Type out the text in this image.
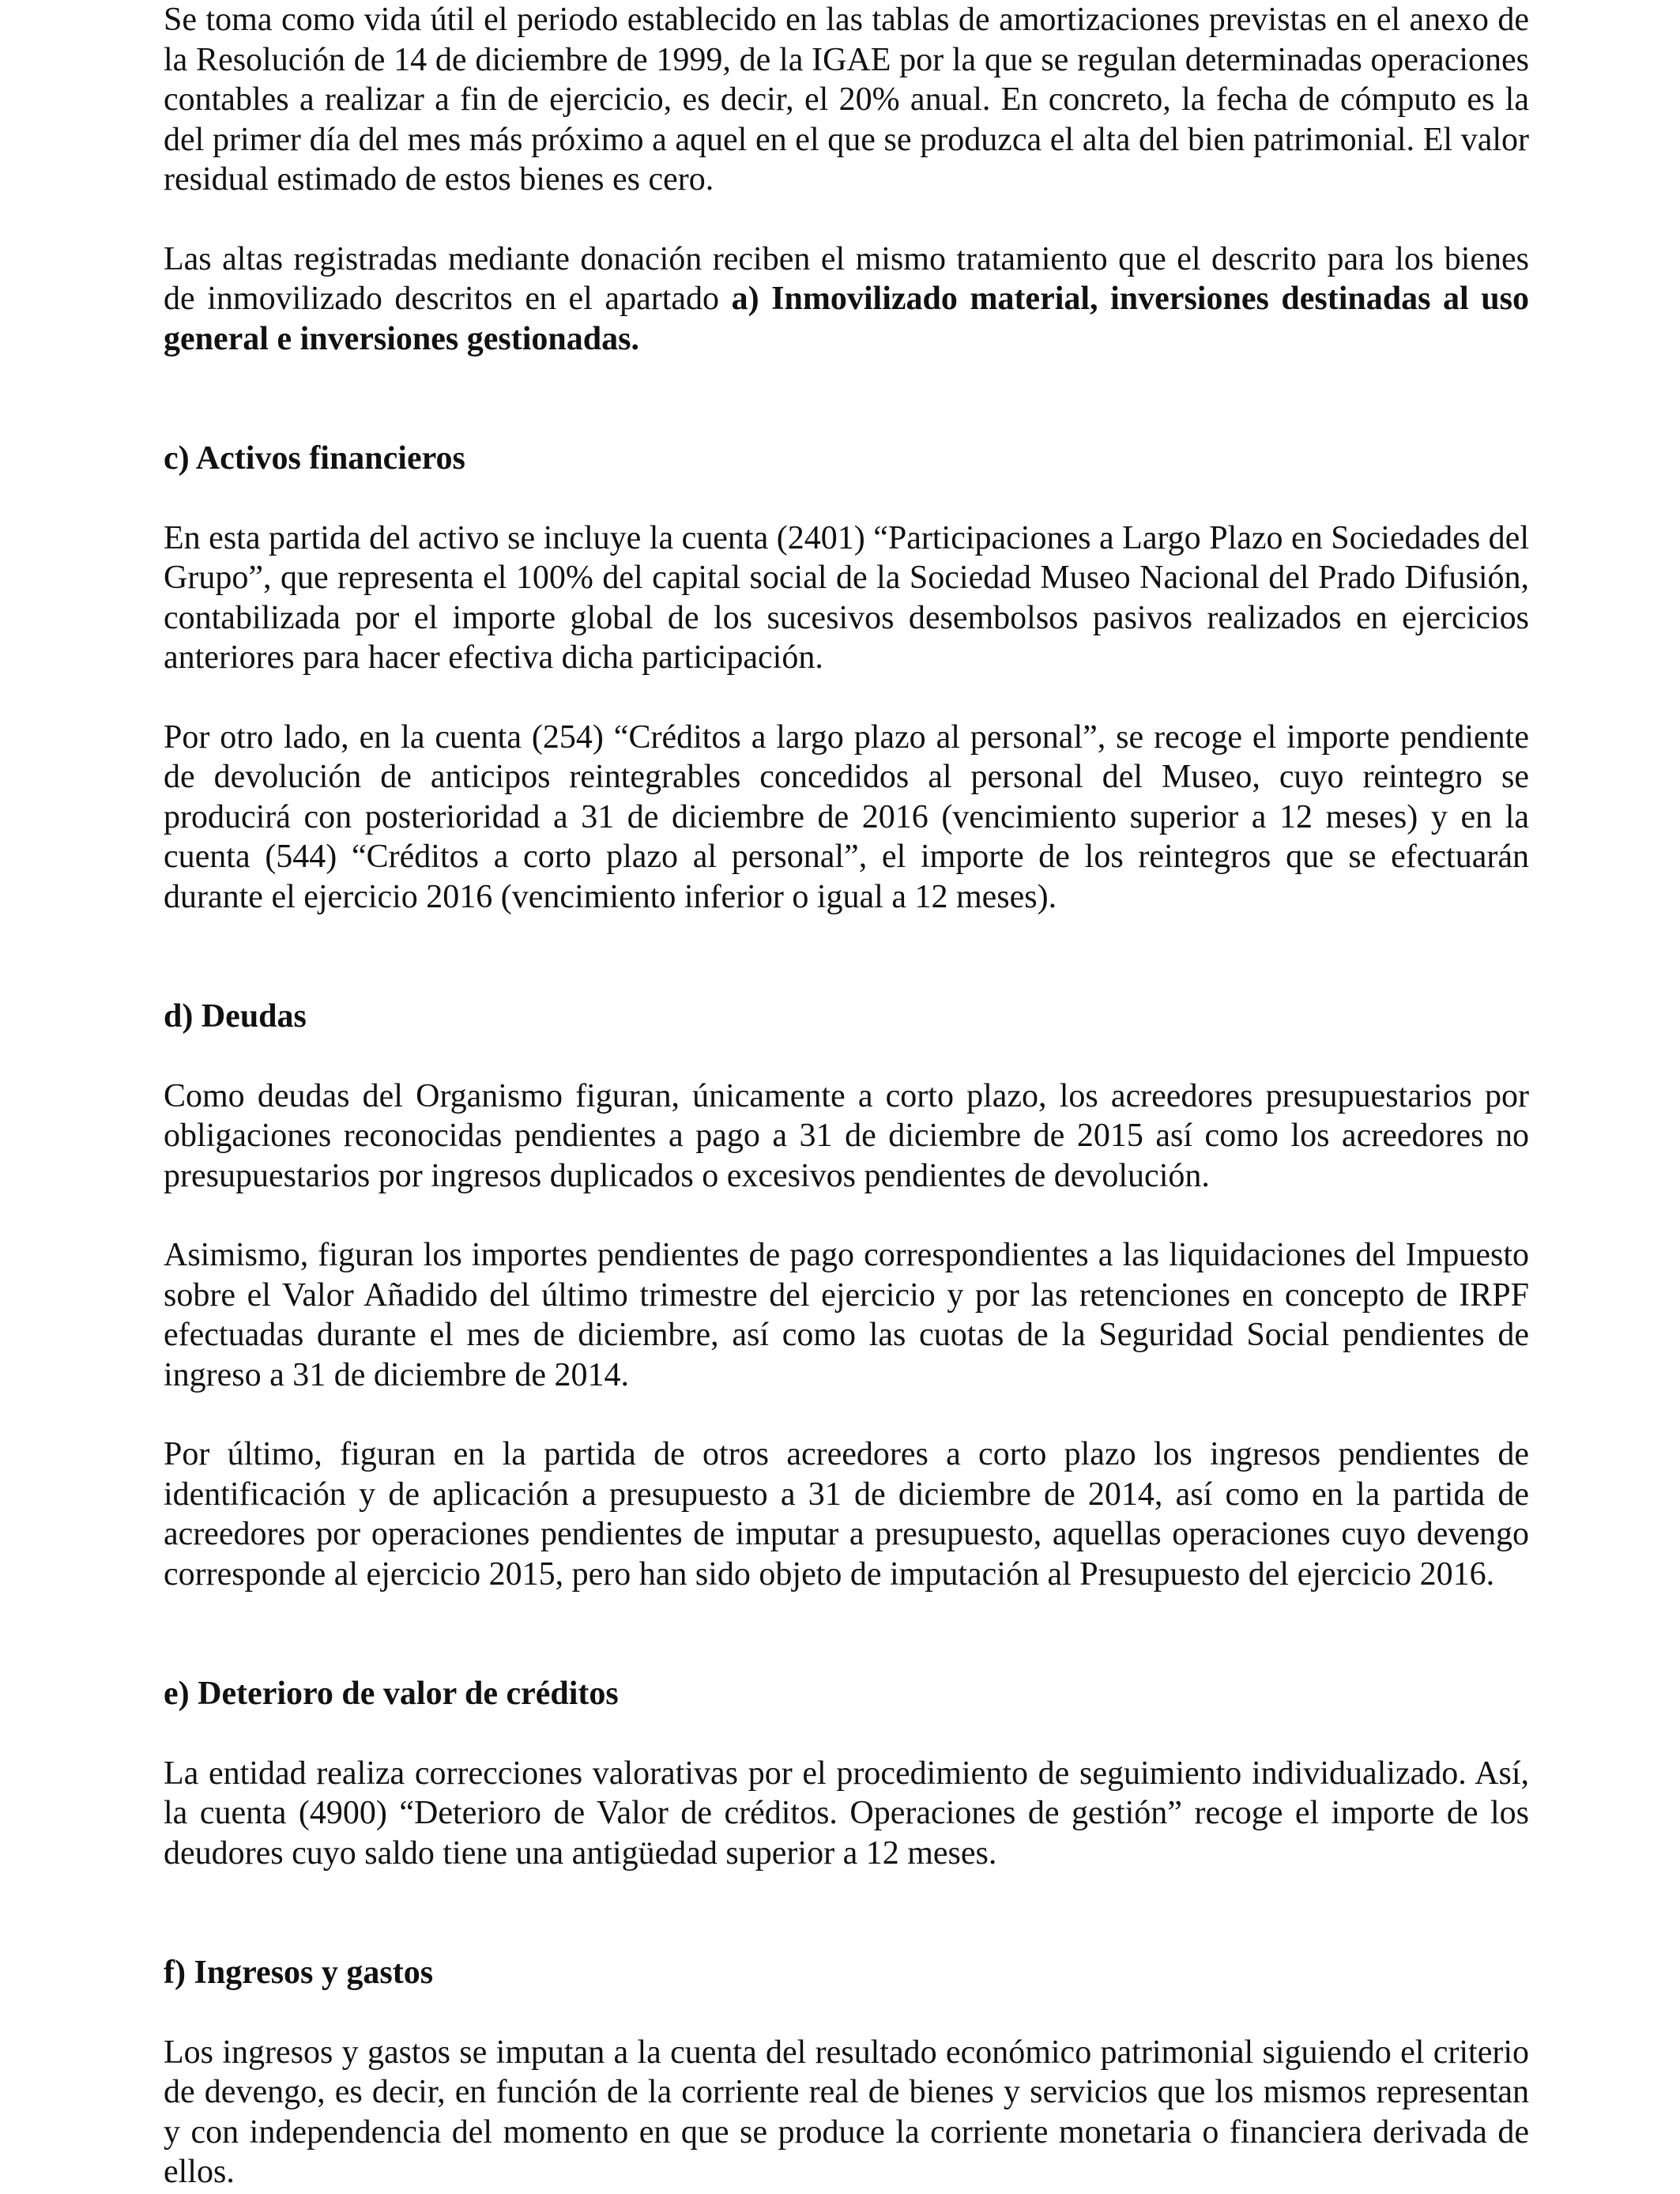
Se toma como vida útil el periodo establecido en las tablas de amortizaciones previstas en el anexo de la Resolución de 14 de diciembre de 1999, de la IGAE por la que se regulan determinadas operaciones contables a realizar a fin de ejercicio, es decir, el 20% anual. En concreto, la fecha de cómputo es la del primer día del mes más próximo a aquel en el que se produzca el alta del bien patrimonial. El valor residual estimado de estos bienes es cero.

Las altas registradas mediante donación reciben el mismo tratamiento que el descrito para los bienes de inmovilizado descritos en el apartado a) Inmovilizado material, inversiones destinadas al uso general e inversiones gestionadas.

c) Activos financieros

En esta partida del activo se incluye la cuenta (2401) “Participaciones a Largo Plazo en Sociedades del Grupo”, que representa el 100% del capital social de la Sociedad Museo Nacional del Prado Difusión, contabilizada por el importe global de los sucesivos desembolsos pasivos realizados en ejercicios anteriores para hacer efectiva dicha participación.

Por otro lado, en la cuenta (254) “Créditos a largo plazo al personal”, se recoge el importe pendiente de devolución de anticipos reintegrables concedidos al personal del Museo, cuyo reintegro se producirá con posterioridad a 31 de diciembre de 2016 (vencimiento superior a 12 meses) y en la cuenta (544) “Créditos a corto plazo al personal”, el importe de los reintegros que se efectuarán durante el ejercicio 2016 (vencimiento inferior o igual a 12 meses).

d) Deudas

Como deudas del Organismo figuran, únicamente a corto plazo, los acreedores presupuestarios por obligaciones reconocidas pendientes a pago a 31 de diciembre de 2015 así como los acreedores no presupuestarios por ingresos duplicados o excesivos pendientes de devolución.

Asimismo, figuran los importes pendientes de pago correspondientes a las liquidaciones del Impuesto sobre el Valor Añadido del último trimestre del ejercicio y por las retenciones en concepto de IRPF efectuadas durante el mes de diciembre, así como las cuotas de la Seguridad Social pendientes de ingreso a 31 de diciembre de 2014.

Por último, figuran en la partida de otros acreedores a corto plazo los ingresos pendientes de identificación y de aplicación a presupuesto a 31 de diciembre de 2014, así como en la partida de acreedores por operaciones pendientes de imputar a presupuesto, aquellas operaciones cuyo devengo corresponde al ejercicio 2015, pero han sido objeto de imputación al Presupuesto del ejercicio 2016.

e) Deterioro de valor de créditos

La entidad realiza correcciones valorativas por el procedimiento de seguimiento individualizado. Así, la cuenta (4900) “Deterioro de Valor de créditos. Operaciones de gestión” recoge el importe de los deudores cuyo saldo tiene una antigüedad superior a 12 meses.

f) Ingresos y gastos

Los ingresos y gastos se imputan a la cuenta del resultado económico patrimonial siguiendo el criterio de devengo, es decir, en función de la corriente real de bienes y servicios que los mismos representan y con independencia del momento en que se produce la corriente monetaria o financiera derivada de ellos.
